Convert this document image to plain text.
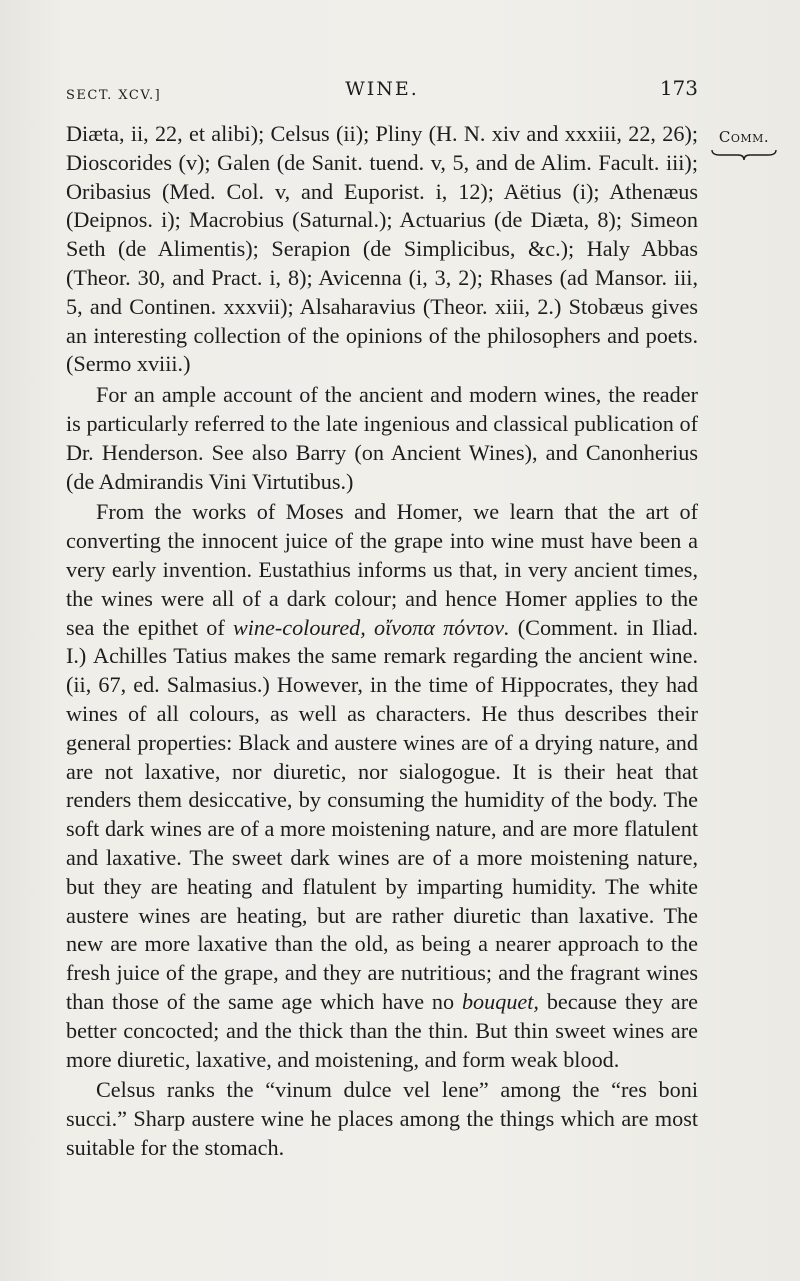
SECT. XCV.]	WINE.	173
Comm.

Diæta, ii, 22, et alibi); Celsus (ii); Pliny (H. N. xiv and xxxiii, 22, 26); Dioscorides (v); Galen (de Sanit. tuend. v, 5, and de Alim. Facult. iii); Oribasius (Med. Col. v, and Euporist. i, 12); Aëtius (i); Athenæus (Deipnos. i); Macrobius (Saturnal.); Actuarius (de Diæta, 8); Simeon Seth (de Alimentis); Serapion (de Simplicibus, &c.); Haly Abbas (Theor. 30, and Pract. i, 8); Avicenna (i, 3, 2); Rhases (ad Mansor. iii, 5, and Continen. xxxvii); Alsaharavius (Theor. xiii, 2.) Stobæus gives an interesting collection of the opinions of the philosophers and poets. (Sermo xviii.)

For an ample account of the ancient and modern wines, the reader is particularly referred to the late ingenious and classical publication of Dr. Henderson. See also Barry (on Ancient Wines), and Canonherius (de Admirandis Vini Virtutibus.)

From the works of Moses and Homer, we learn that the art of converting the innocent juice of the grape into wine must have been a very early invention. Eustathius informs us that, in very ancient times, the wines were all of a dark colour; and hence Homer applies to the sea the epithet of wine-coloured, οἴνοπα πόντον. (Comment. in Iliad. I.) Achilles Tatius makes the same remark regarding the ancient wine. (ii, 67, ed. Salmasius.) However, in the time of Hippocrates, they had wines of all colours, as well as characters. He thus describes their general properties: Black and austere wines are of a drying nature, and are not laxative, nor diuretic, nor sialogogue. It is their heat that renders them desiccative, by consuming the humidity of the body. The soft dark wines are of a more moistening nature, and are more flatulent and laxative. The sweet dark wines are of a more moistening nature, but they are heating and flatulent by imparting humidity. The white austere wines are heating, but are rather diuretic than laxative. The new are more laxative than the old, as being a nearer approach to the fresh juice of the grape, and they are nutritious; and the fragrant wines than those of the same age which have no bouquet, because they are better concocted; and the thick than the thin. But thin sweet wines are more diuretic, laxative, and moistening, and form weak blood.

Celsus ranks the “vinum dulce vel lene” among the “res boni succi.” Sharp austere wine he places among the things which are most suitable for the stomach.
